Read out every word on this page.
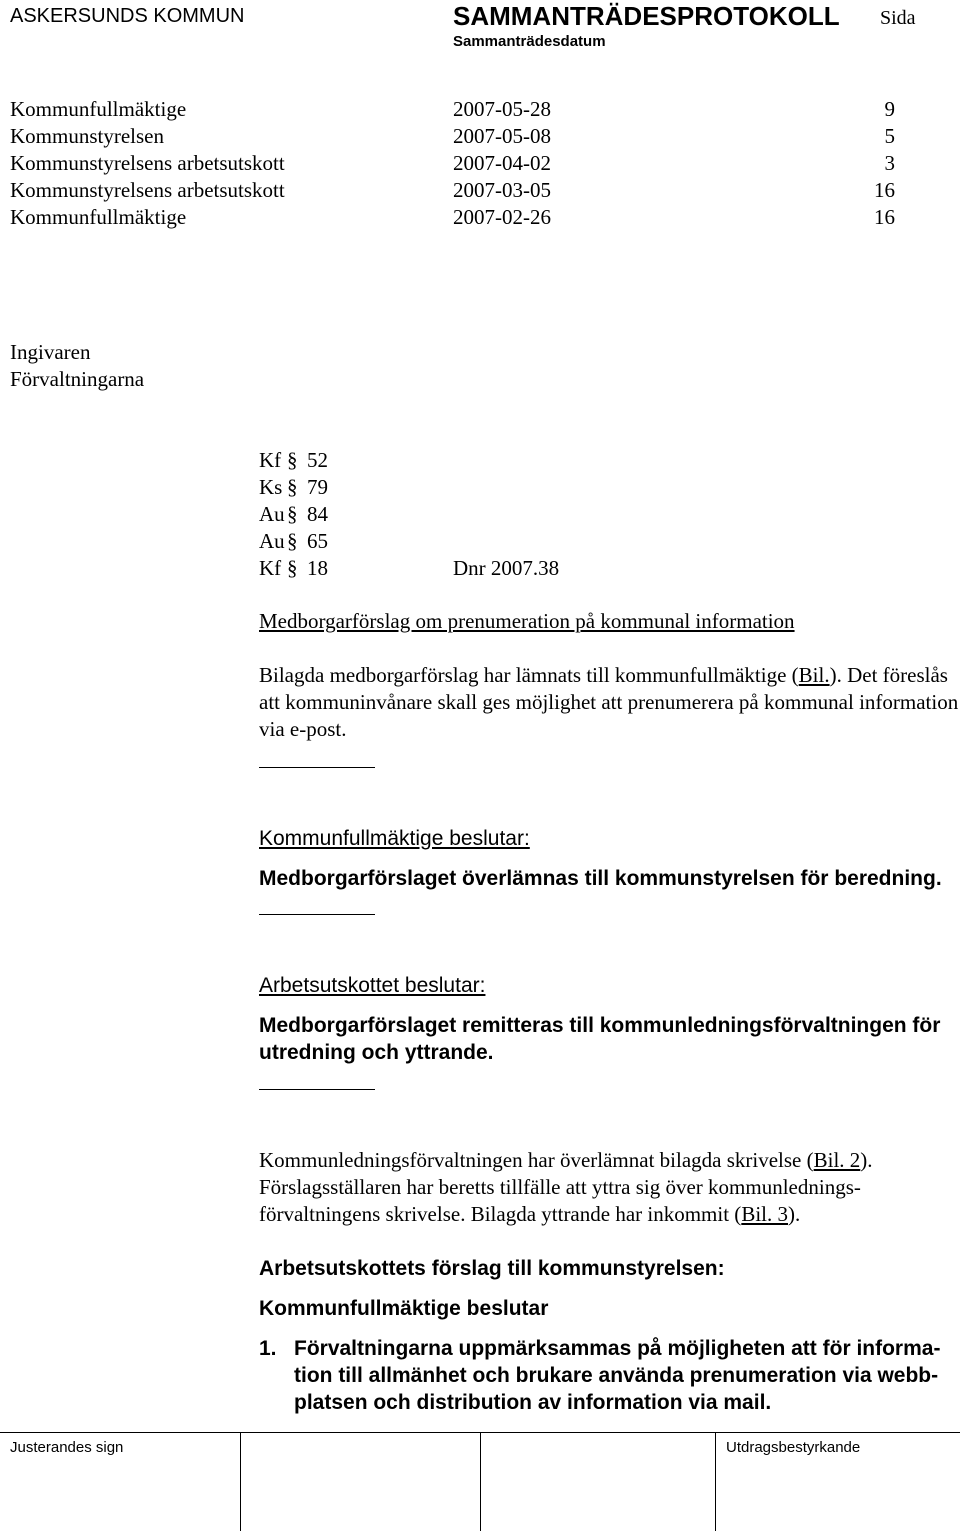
ASKERSUNDS KOMMUN	SAMMANTRÄDESPROTOKOLL Sida
Sammanträdesdatum
Kommunfullmäktige	2007-05-28	9
Kommunstyrelsen	2007-05-08	5
Kommunstyrelsens arbetsutskott	2007-04-02	3
Kommunstyrelsens arbetsutskott	2007-03-05	16
Kommunfullmäktige	2007-02-26	16
Ingivaren
Förvaltningarna
Kf § 52
Ks § 79
Au § 84
Au § 65
Kf § 18	Dnr 2007.38
Medborgarförslag om prenumeration på kommunal information
Bilagda medborgarförslag har lämnats till kommunfullmäktige (Bil.). Det föreslås att kommuninvånare skall ges möjlighet att prenumerera på kommunal information via e-post.
Kommunfullmäktige beslutar:
Medborgarförslaget överlämnas till kommunstyrelsen för beredning.
Arbetsutskottet beslutar:
Medborgarförslaget remitteras till kommunledningsförvaltningen för utredning och yttrande.
Kommunledningsförvaltningen har överlämnat bilagda skrivelse (Bil. 2). Förslagsställaren har beretts tillfälle att yttra sig över kommunledningsförvaltningens skrivelse. Bilagda yttrande har inkommit (Bil. 3).
Arbetsutskottets förslag till kommunstyrelsen:
Kommunfullmäktige beslutar
1. Förvaltningarna uppmärksammas på möjligheten att för information till allmänhet och brukare använda prenumeration via webbplatsen och distribution av information via mail.
Justerandes sign	Utdragsbestyrkande
